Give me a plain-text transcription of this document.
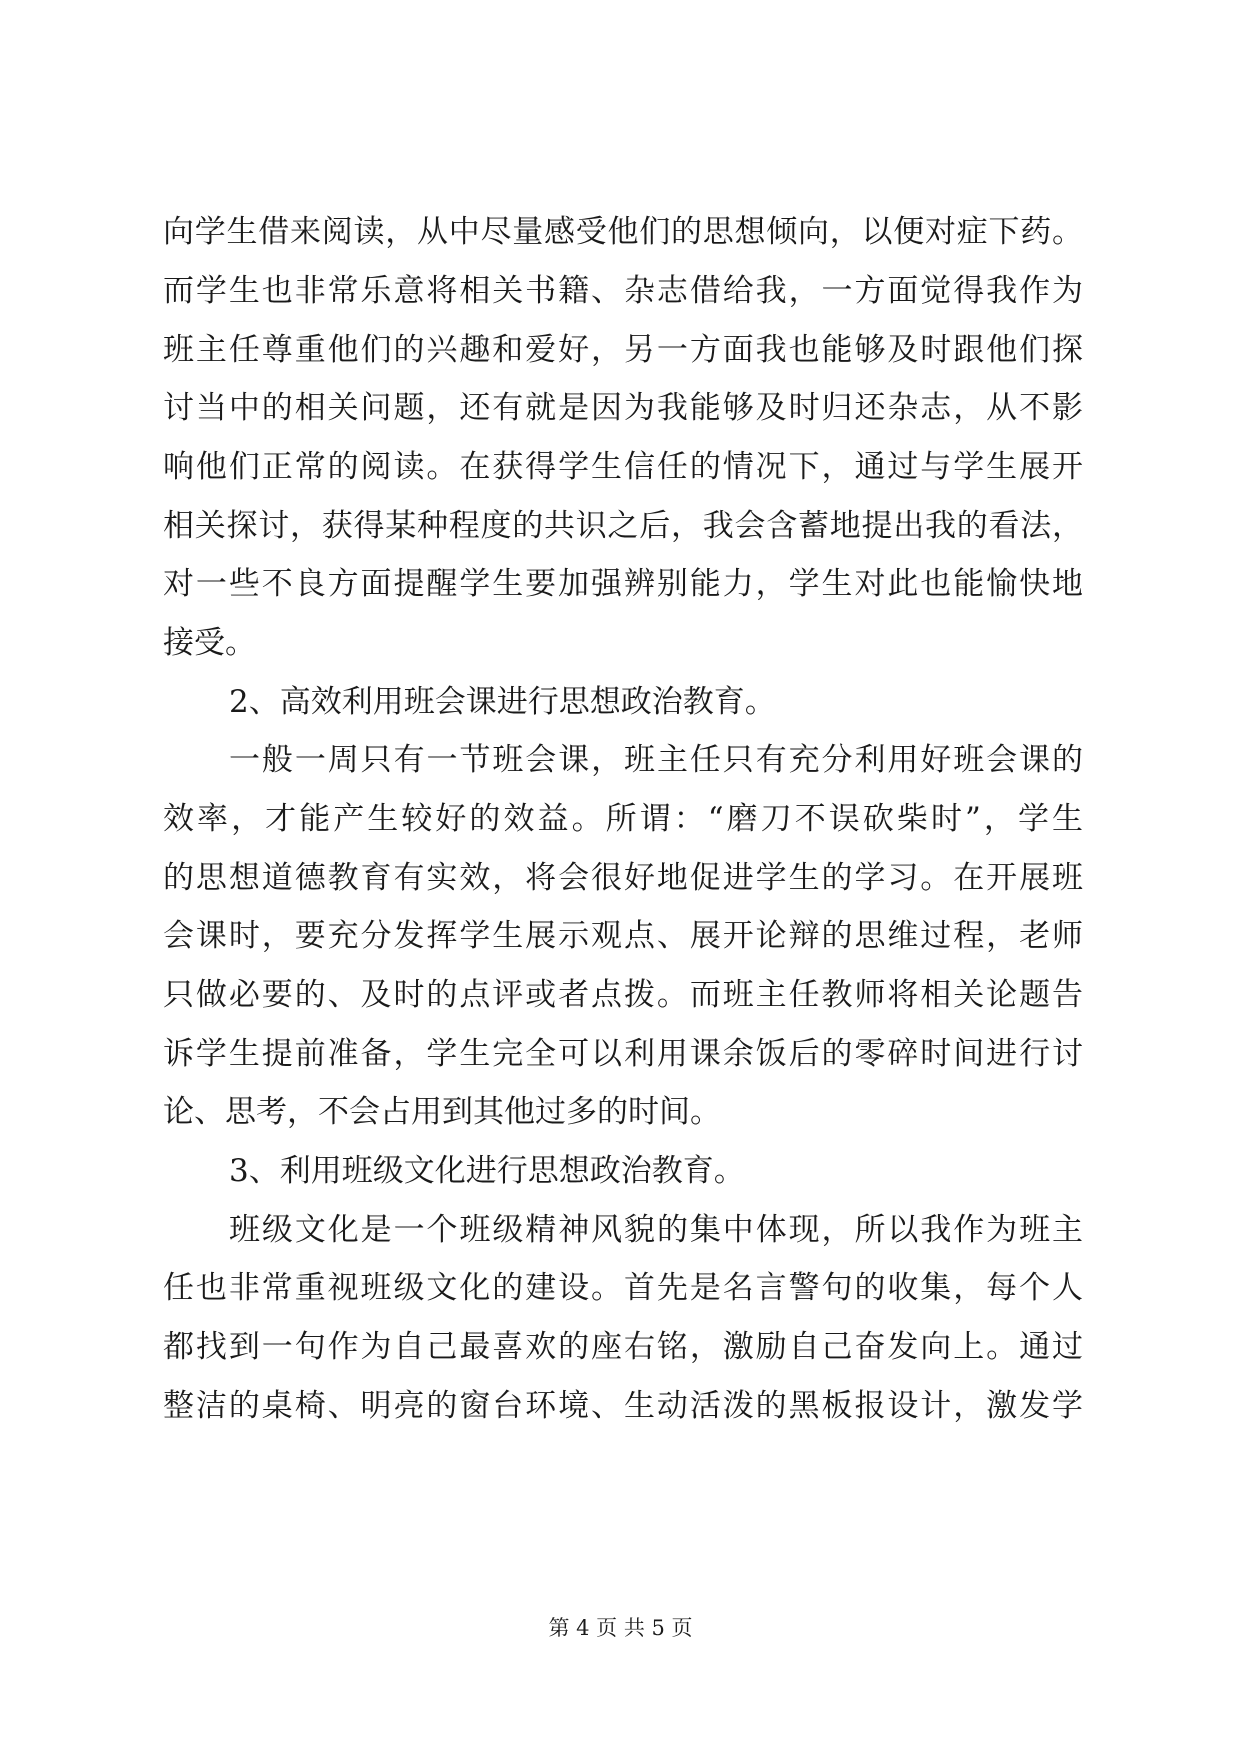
向学生借来阅读，从中尽量感受他们的思想倾向，以便对症下药。
而学生也非常乐意将相关书籍、杂志借给我，一方面觉得我作为
班主任尊重他们的兴趣和爱好，另一方面我也能够及时跟他们探
讨当中的相关问题，还有就是因为我能够及时归还杂志，从不影
响他们正常的阅读。在获得学生信任的情况下，通过与学生展开
相关探讨，获得某种程度的共识之后，我会含蓄地提出我的看法，
对一些不良方面提醒学生要加强辨别能力，学生对此也能愉快地
接受。
2、高效利用班会课进行思想政治教育。
一般一周只有一节班会课，班主任只有充分利用好班会课的
效率，才能产生较好的效益。所谓：“磨刀不误砍柴时”，学生
的思想道德教育有实效，将会很好地促进学生的学习。在开展班
会课时，要充分发挥学生展示观点、展开论辩的思维过程，老师
只做必要的、及时的点评或者点拨。而班主任教师将相关论题告
诉学生提前准备，学生完全可以利用课余饭后的零碎时间进行讨
论、思考，不会占用到其他过多的时间。
3、利用班级文化进行思想政治教育。
班级文化是一个班级精神风貌的集中体现，所以我作为班主
任也非常重视班级文化的建设。首先是名言警句的收集，每个人
都找到一句作为自己最喜欢的座右铭，激励自己奋发向上。通过
整洁的桌椅、明亮的窗台环境、生动活泼的黑板报设计，激发学
第 4 页 共 5 页
